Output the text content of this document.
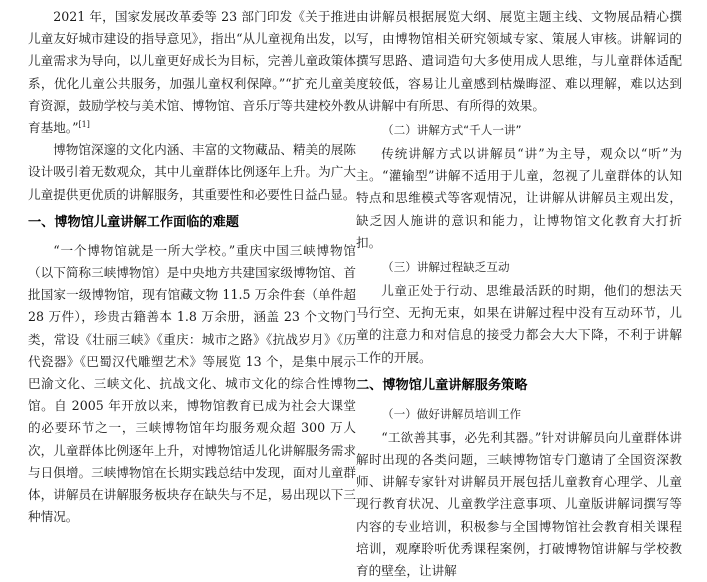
2021 年，国家发展改革委等 23 部门印发《关于推进儿童友好城市建设的指导意见》，指出“从儿童视角出发，以儿童需求为导向，以儿童更好成长为目标，完善儿童政策体系，优化儿童公共服务，加强儿童权利保障。”“扩充儿童美育资源，鼓励学校与美术馆、博物馆、音乐厅等共建校外教育基地。”[1]

博物馆深邃的文化内涵、丰富的文物藏品、精美的展陈设计吸引着无数观众，其中儿童群体比例逐年上升。为广大儿童提供更优质的讲解服务，其重要性和必要性日益凸显。

一、博物馆儿童讲解工作面临的难题

“一个博物馆就是一所大学校。”重庆中国三峡博物馆（以下简称三峡博物馆）是中央地方共建国家级博物馆、首批国家一级博物馆，现有馆藏文物 11.5 万余件套（单件超 28 万件），珍贵古籍善本 1.8 万余册，涵盖 23 个文物门类，常设《壮丽三峡》《重庆：城市之路》《抗战岁月》《历代瓷器》《巴蜀汉代雕塑艺术》等展览 13 个，是集中展示巴渝文化、三峡文化、抗战文化、城市文化的综合性博物馆。自 2005 年开放以来，博物馆教育已成为社会大课堂的必要环节之一，三峡博物馆年均服务观众超 300 万人次，儿童群体比例逐年上升，对博物馆适儿化讲解服务需求与日俱增。三峡博物馆在长期实践总结中发现，面对儿童群体，讲解员在讲解服务板块存在缺失与不足，易出现以下三种情况。

由讲解员根据展览大纲、展览主题主线、文物展品精心撰写，由博物馆相关研究领域专家、策展人审核。讲解词的撰写思路、遣词造句大多使用成人思维，与儿童群体适配度较低，容易让儿童感到枯燥晦涩、难以理解，难以达到从讲解中有所思、有所得的效果。

（二）讲解方式“千人一讲”

传统讲解方式以讲解员“讲”为主导，观众以“听”为主。“灌输型”讲解不适用于儿童，忽视了儿童群体的认知特点和思维模式等客观情况，让讲解从讲解员主观出发，缺乏因人施讲的意识和能力，让博物馆文化教育大打折扣。

（三）讲解过程缺乏互动

儿童正处于行动、思维最活跃的时期，他们的想法天马行空、无拘无束，如果在讲解过程中没有互动环节，儿童的注意力和对信息的接受力都会大大下降，不利于讲解工作的开展。

二、博物馆儿童讲解服务策略
（一）做好讲解员培训工作

“工欲善其事，必先利其器。”针对讲解员向儿童群体讲解时出现的各类问题，三峡博物馆专门邀请了全国资深教师、讲解专家针对讲解员开展包括儿童教育心理学、儿童现行教育状况、儿童教学注意事项、儿童版讲解词撰写等内容的专业培训，积极参与全国博物馆社会教育相关课程培训，观摩聆听优秀课程案例，打破博物馆讲解与学校教育的壁垒，让讲解
